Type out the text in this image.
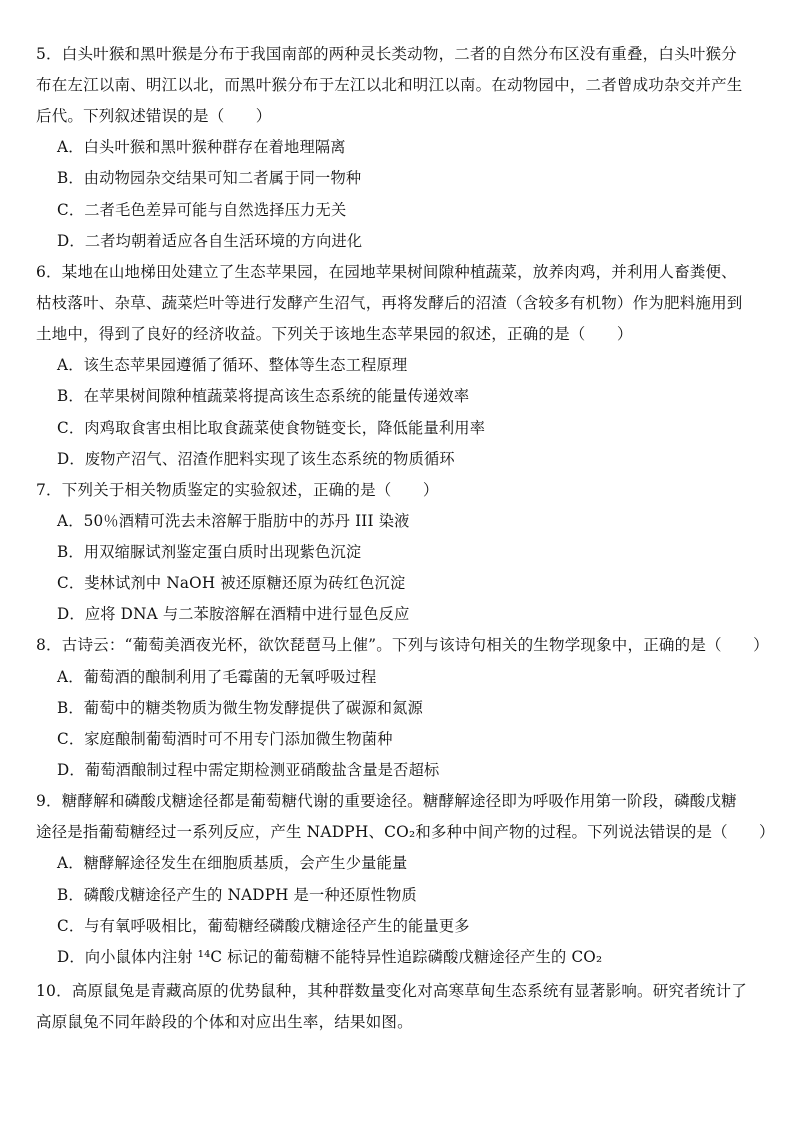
5．白头叶猴和黑叶猴是分布于我国南部的两种灵长类动物，二者的自然分布区没有重叠，白头叶猴分
布在左江以南、明江以北，而黑叶猴分布于左江以北和明江以南。在动物园中，二者曾成功杂交并产生
后代。下列叙述错误的是（　　）
A．白头叶猴和黑叶猴种群存在着地理隔离
B．由动物园杂交结果可知二者属于同一物种
C．二者毛色差异可能与自然选择压力无关
D．二者均朝着适应各自生活环境的方向进化
6．某地在山地梯田处建立了生态苹果园，在园地苹果树间隙种植蔬菜，放养肉鸡，并利用人畜粪便、
枯枝落叶、杂草、蔬菜烂叶等进行发酵产生沼气，再将发酵后的沼渣（含较多有机物）作为肥料施用到
土地中，得到了良好的经济收益。下列关于该地生态苹果园的叙述，正确的是（　　）
A．该生态苹果园遵循了循环、整体等生态工程原理
B．在苹果树间隙种植蔬菜将提高该生态系统的能量传递效率
C．肉鸡取食害虫相比取食蔬菜使食物链变长，降低能量利用率
D．废物产沼气、沼渣作肥料实现了该生态系统的物质循环
7．下列关于相关物质鉴定的实验叙述，正确的是（　　）
A．50％酒精可洗去未溶解于脂肪中的苏丹 III 染液
B．用双缩脲试剂鉴定蛋白质时出现紫色沉淀
C．斐林试剂中 NaOH 被还原糖还原为砖红色沉淀
D．应将 DNA 与二苯胺溶解在酒精中进行显色反应
8．古诗云：“葡萄美酒夜光杯，欲饮琵琶马上催”。下列与该诗句相关的生物学现象中，正确的是（　　）
A．葡萄酒的酿制利用了毛霉菌的无氧呼吸过程
B．葡萄中的糖类物质为微生物发酵提供了碳源和氮源
C．家庭酿制葡萄酒时可不用专门添加微生物菌种
D．葡萄酒酿制过程中需定期检测亚硝酸盐含量是否超标
9．糖酵解和磷酸戊糖途径都是葡萄糖代谢的重要途径。糖酵解途径即为呼吸作用第一阶段，磷酸戊糖
途径是指葡萄糖经过一系列反应，产生 NADPH、CO₂和多种中间产物的过程。下列说法错误的是（　　）
A．糖酵解途径发生在细胞质基质，会产生少量能量
B．磷酸戊糖途径产生的 NADPH 是一种还原性物质
C．与有氧呼吸相比，葡萄糖经磷酸戊糖途径产生的能量更多
D．向小鼠体内注射 ¹⁴C 标记的葡萄糖不能特异性追踪磷酸戊糖途径产生的 CO₂
10．高原鼠兔是青藏高原的优势鼠种，其种群数量变化对高寒草甸生态系统有显著影响。研究者统计了
高原鼠兔不同年龄段的个体和对应出生率，结果如图。
